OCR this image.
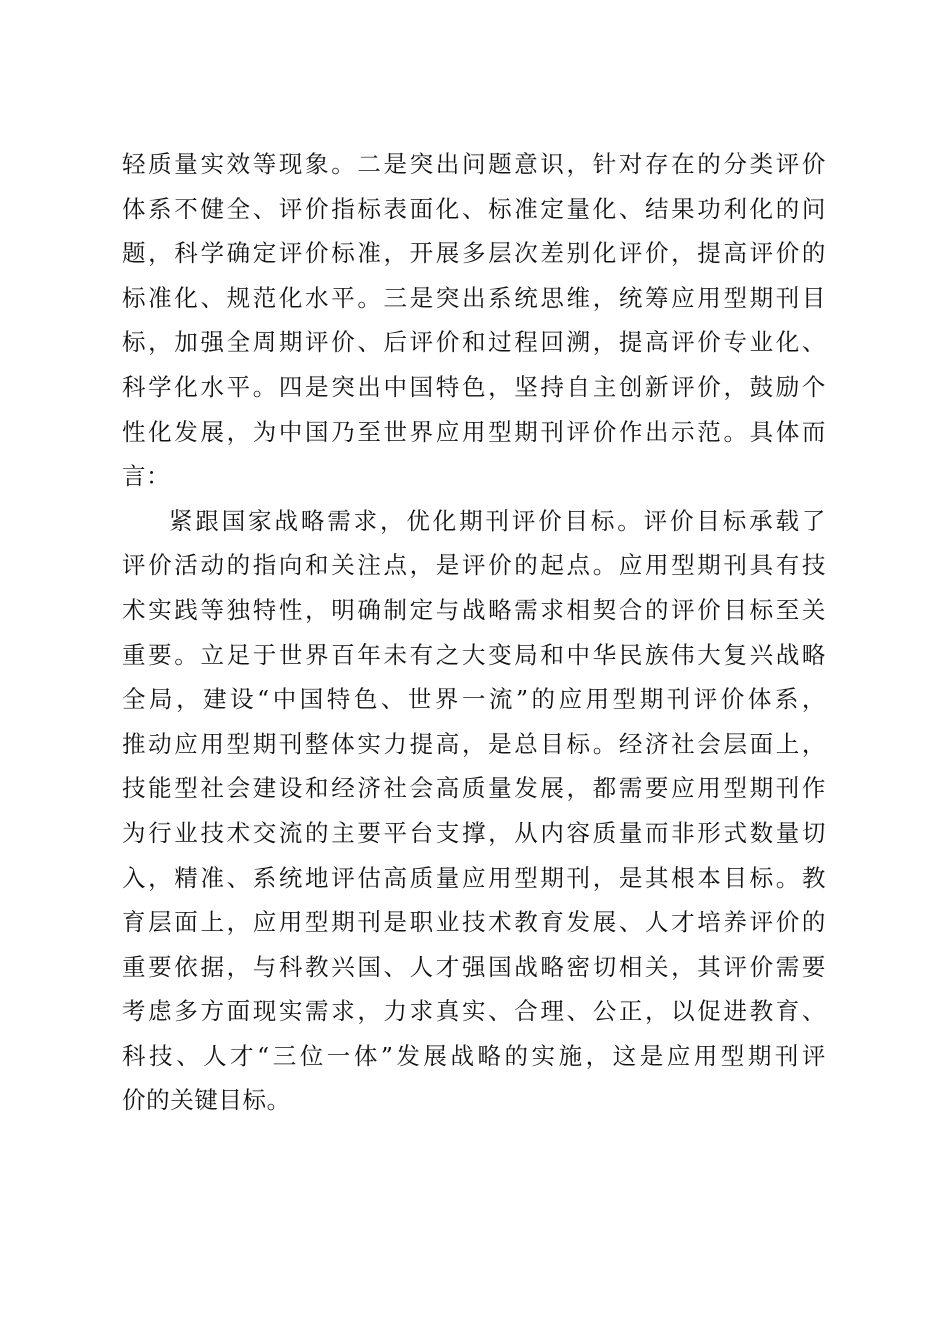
轻质量实效等现象。二是突出问题意识，针对存在的分类评价
体系不健全、评价指标表面化、标准定量化、结果功利化的问
题，科学确定评价标准，开展多层次差别化评价，提高评价的
标准化、规范化水平。三是突出系统思维，统筹应用型期刊目
标，加强全周期评价、后评价和过程回溯，提高评价专业化、
科学化水平。四是突出中国特色，坚持自主创新评价，鼓励个
性化发展，为中国乃至世界应用型期刊评价作出示范。具体而
言：
紧跟国家战略需求，优化期刊评价目标。评价目标承载了
评价活动的指向和关注点，是评价的起点。应用型期刊具有技
术实践等独特性，明确制定与战略需求相契合的评价目标至关
重要。立足于世界百年未有之大变局和中华民族伟大复兴战略
全局，建设“中国特色、世界一流”的应用型期刊评价体系，
推动应用型期刊整体实力提高，是总目标。经济社会层面上，
技能型社会建设和经济社会高质量发展，都需要应用型期刊作
为行业技术交流的主要平台支撑，从内容质量而非形式数量切
入，精准、系统地评估高质量应用型期刊，是其根本目标。教
育层面上，应用型期刊是职业技术教育发展、人才培养评价的
重要依据，与科教兴国、人才强国战略密切相关，其评价需要
考虑多方面现实需求，力求真实、合理、公正，以促进教育、
科技、人才“三位一体”发展战略的实施，这是应用型期刊评
价的关键目标。
